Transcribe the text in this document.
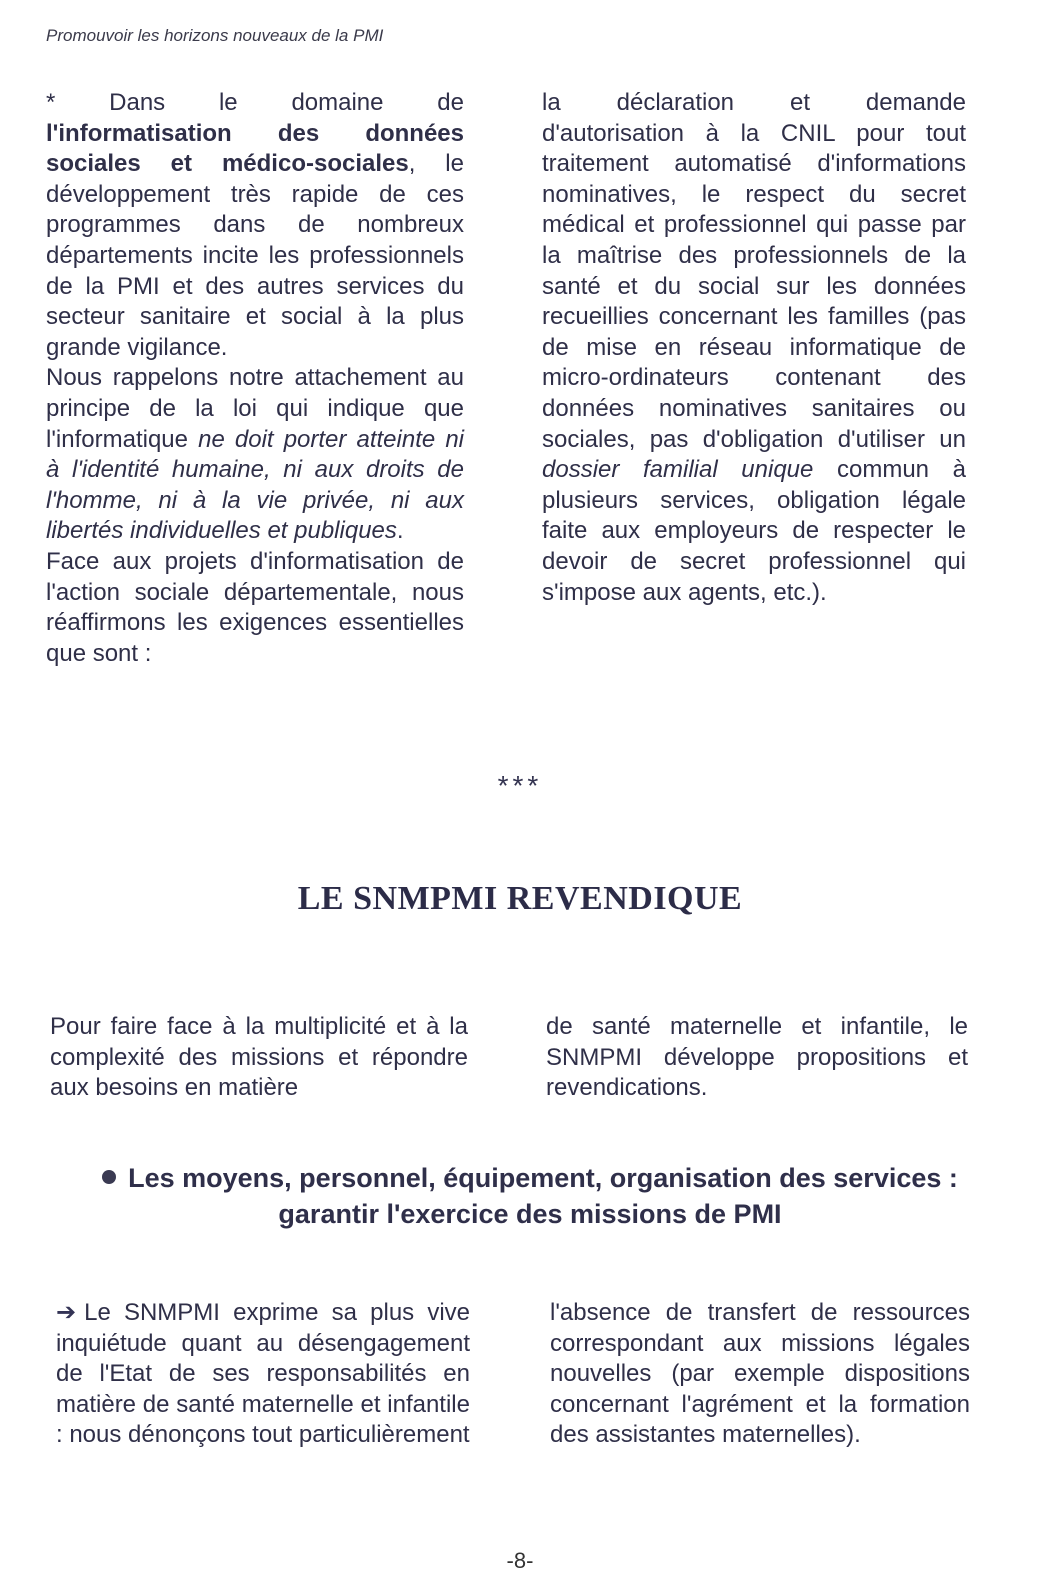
Promouvoir les horizons nouveaux de la PMI

* Dans le domaine de l'informatisation des données sociales et médico-sociales, le développement très rapide de ces programmes dans de nombreux départements incite les professionnels de la PMI et des autres services du secteur sanitaire et social à la plus grande vigilance.

Nous rappelons notre attachement au principe de la loi qui indique que l'informatique ne doit porter atteinte ni à l'identité humaine, ni aux droits de l'homme, ni à la vie privée, ni aux libertés individuelles et publiques.

Face aux projets d'informatisation de l'action sociale départementale, nous réaffirmons les exigences essentielles que sont :

la déclaration et demande d'autorisation à la CNIL pour tout traitement automatisé d'informations nominatives, le respect du secret médical et professionnel qui passe par la maîtrise des professionnels de la santé et du social sur les données recueillies concernant les familles (pas de mise en réseau informatique de micro-ordinateurs contenant des données nominatives sanitaires ou sociales, pas d'obligation d'utiliser un dossier familial unique commun à plusieurs services, obligation légale faite aux employeurs de respecter le devoir de secret professionnel qui s'impose aux agents, etc.).

***
LE SNMPMI REVENDIQUE

Pour faire face à la multiplicité et à la complexité des missions et répondre aux besoins en matière

de santé maternelle et infantile, le SNMPMI développe propositions et revendications.

Les moyens, personnel, équipement, organisation des services : garantir l'exercice des missions de PMI

➔ Le SNMPMI exprime sa plus vive inquiétude quant au désengagement de l'Etat de ses responsabilités en matière de santé maternelle et infantile : nous dénonçons tout particulièrement

l'absence de transfert de ressources correspondant aux missions légales nouvelles (par exemple dispositions concernant l'agrément et la formation des assistantes maternelles).

-8-
